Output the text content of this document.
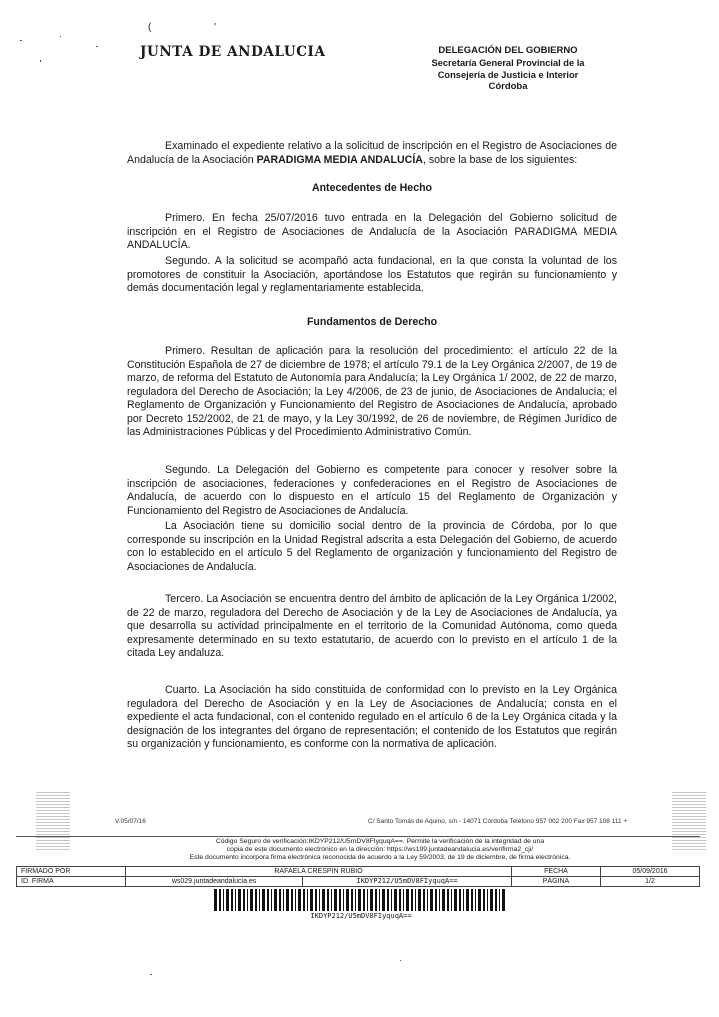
( '
JUNTA DE ANDALUCIA	DELEGACIÓN DEL GOBIERNO
Secretaría General Provincial de la
Consejería de Justicia e Interior
Córdoba
Examinado el expediente relativo a la solicitud de inscripción en el Registro de Asociaciones de Andalucía de la Asociación PARADIGMA MEDIA ANDALUCÍA, sobre la base de los siguientes:
Antecedentes de Hecho
Primero. En fecha 25/07/2016 tuvo entrada en la Delegación del Gobierno solicitud de inscripción en el Registro de Asociaciones de Andalucía de la Asociación PARADIGMA MEDIA ANDALUCÍA.
Segundo. A la solicitud se acompañó acta fundacional, en la que consta la voluntad de los promotores de constituir la Asociación, aportándose los Estatutos que regirán su funcionamiento y demás documentación legal y reglamentariamente establecida.
Fundamentos de Derecho
Primero. Resultan de aplicación para la resolución del procedimiento: el artículo 22 de la Constitución Española de 27 de diciembre de 1978; el artículo 79.1 de la Ley Orgánica 2/2007, de 19 de marzo, de reforma del Estatuto de Autonomía para Andalucía; la Ley Orgánica 1/ 2002, de 22 de marzo, reguladora del Derecho de Asociación; la Ley 4/2006, de 23 de junio, de Asociaciones de Andalucía; el Reglamento de Organización y Funcionamiento del Registro de Asociaciones de Andalucía, aprobado por Decreto 152/2002, de 21 de mayo, y la Ley 30/1992, de 26 de noviembre, de Régimen Jurídico de las Administraciones Públicas y del Procedimiento Administrativo Común.
Segundo. La Delegación del Gobierno es competente para conocer y resolver sobre la inscripción de asociaciones, federaciones y confederaciones en el Registro de Asociaciones de Andalucía, de acuerdo con lo dispuesto en el artículo 15 del Reglamento de Organización y Funcionamiento del Registro de Asociaciones de Andalucía.
La Asociación tiene su domicilio social dentro de la provincia de Córdoba, por lo que corresponde su inscripción en la Unidad Registral adscrita a esta Delegación del Gobierno, de acuerdo con lo establecido en el artículo 5 del Reglamento de organización y funcionamiento del Registro de Asociaciones de Andalucía.
Tercero. La Asociación se encuentra dentro del ámbito de aplicación de la Ley Orgánica 1/2002, de 22 de marzo, reguladora del Derecho de Asociación y de la Ley de Asociaciones de Andalucía, ya que desarrolla su actividad principalmente en el territorio de la Comunidad Autónoma, como queda expresamente determinado en su texto estatutario, de acuerdo con lo previsto en el artículo 1 de la citada Ley andaluza.
Cuarto. La Asociación ha sido constituida de conformidad con lo previsto en la Ley Orgánica reguladora del Derecho de Asociación y en la Ley de Asociaciones de Andalucía; consta en el expediente el acta fundacional, con el contenido regulado en el artículo 6 de la Ley Orgánica citada y la designación de los integrantes del órgano de representación; el contenido de los Estatutos que regirán su organización y funcionamiento, es conforme con la normativa de aplicación.
V.05/07/16	C/ Santo Tomás de Aquino, s/n - 14071 Córdoba Teléfono 957 002 200 Fax 957 108 111 +
Código Seguro de verificación:IKDYP212/U5mDV8FIyquqA==. Permite la verificación de la integridad de una
copia de este documento electrónico en la dirección: https://ws199.juntadeandalucia.es/verifirma2_cji/
Este documento incorpora firma electrónica reconocida de acuerdo a la Ley 59/2003, de 19 de diciembre, de firma electrónica.
FIRMADO POR	RAFAELA CRESPIN RUBIO		FECHA	05/09/2016
ID. FIRMA	ws029.juntadeandalucia.es	IKDYP212/U5mDV8FIyquqA==	PÁGINA	1/2
IKDYP212/U5mDV8FIyquqA==
